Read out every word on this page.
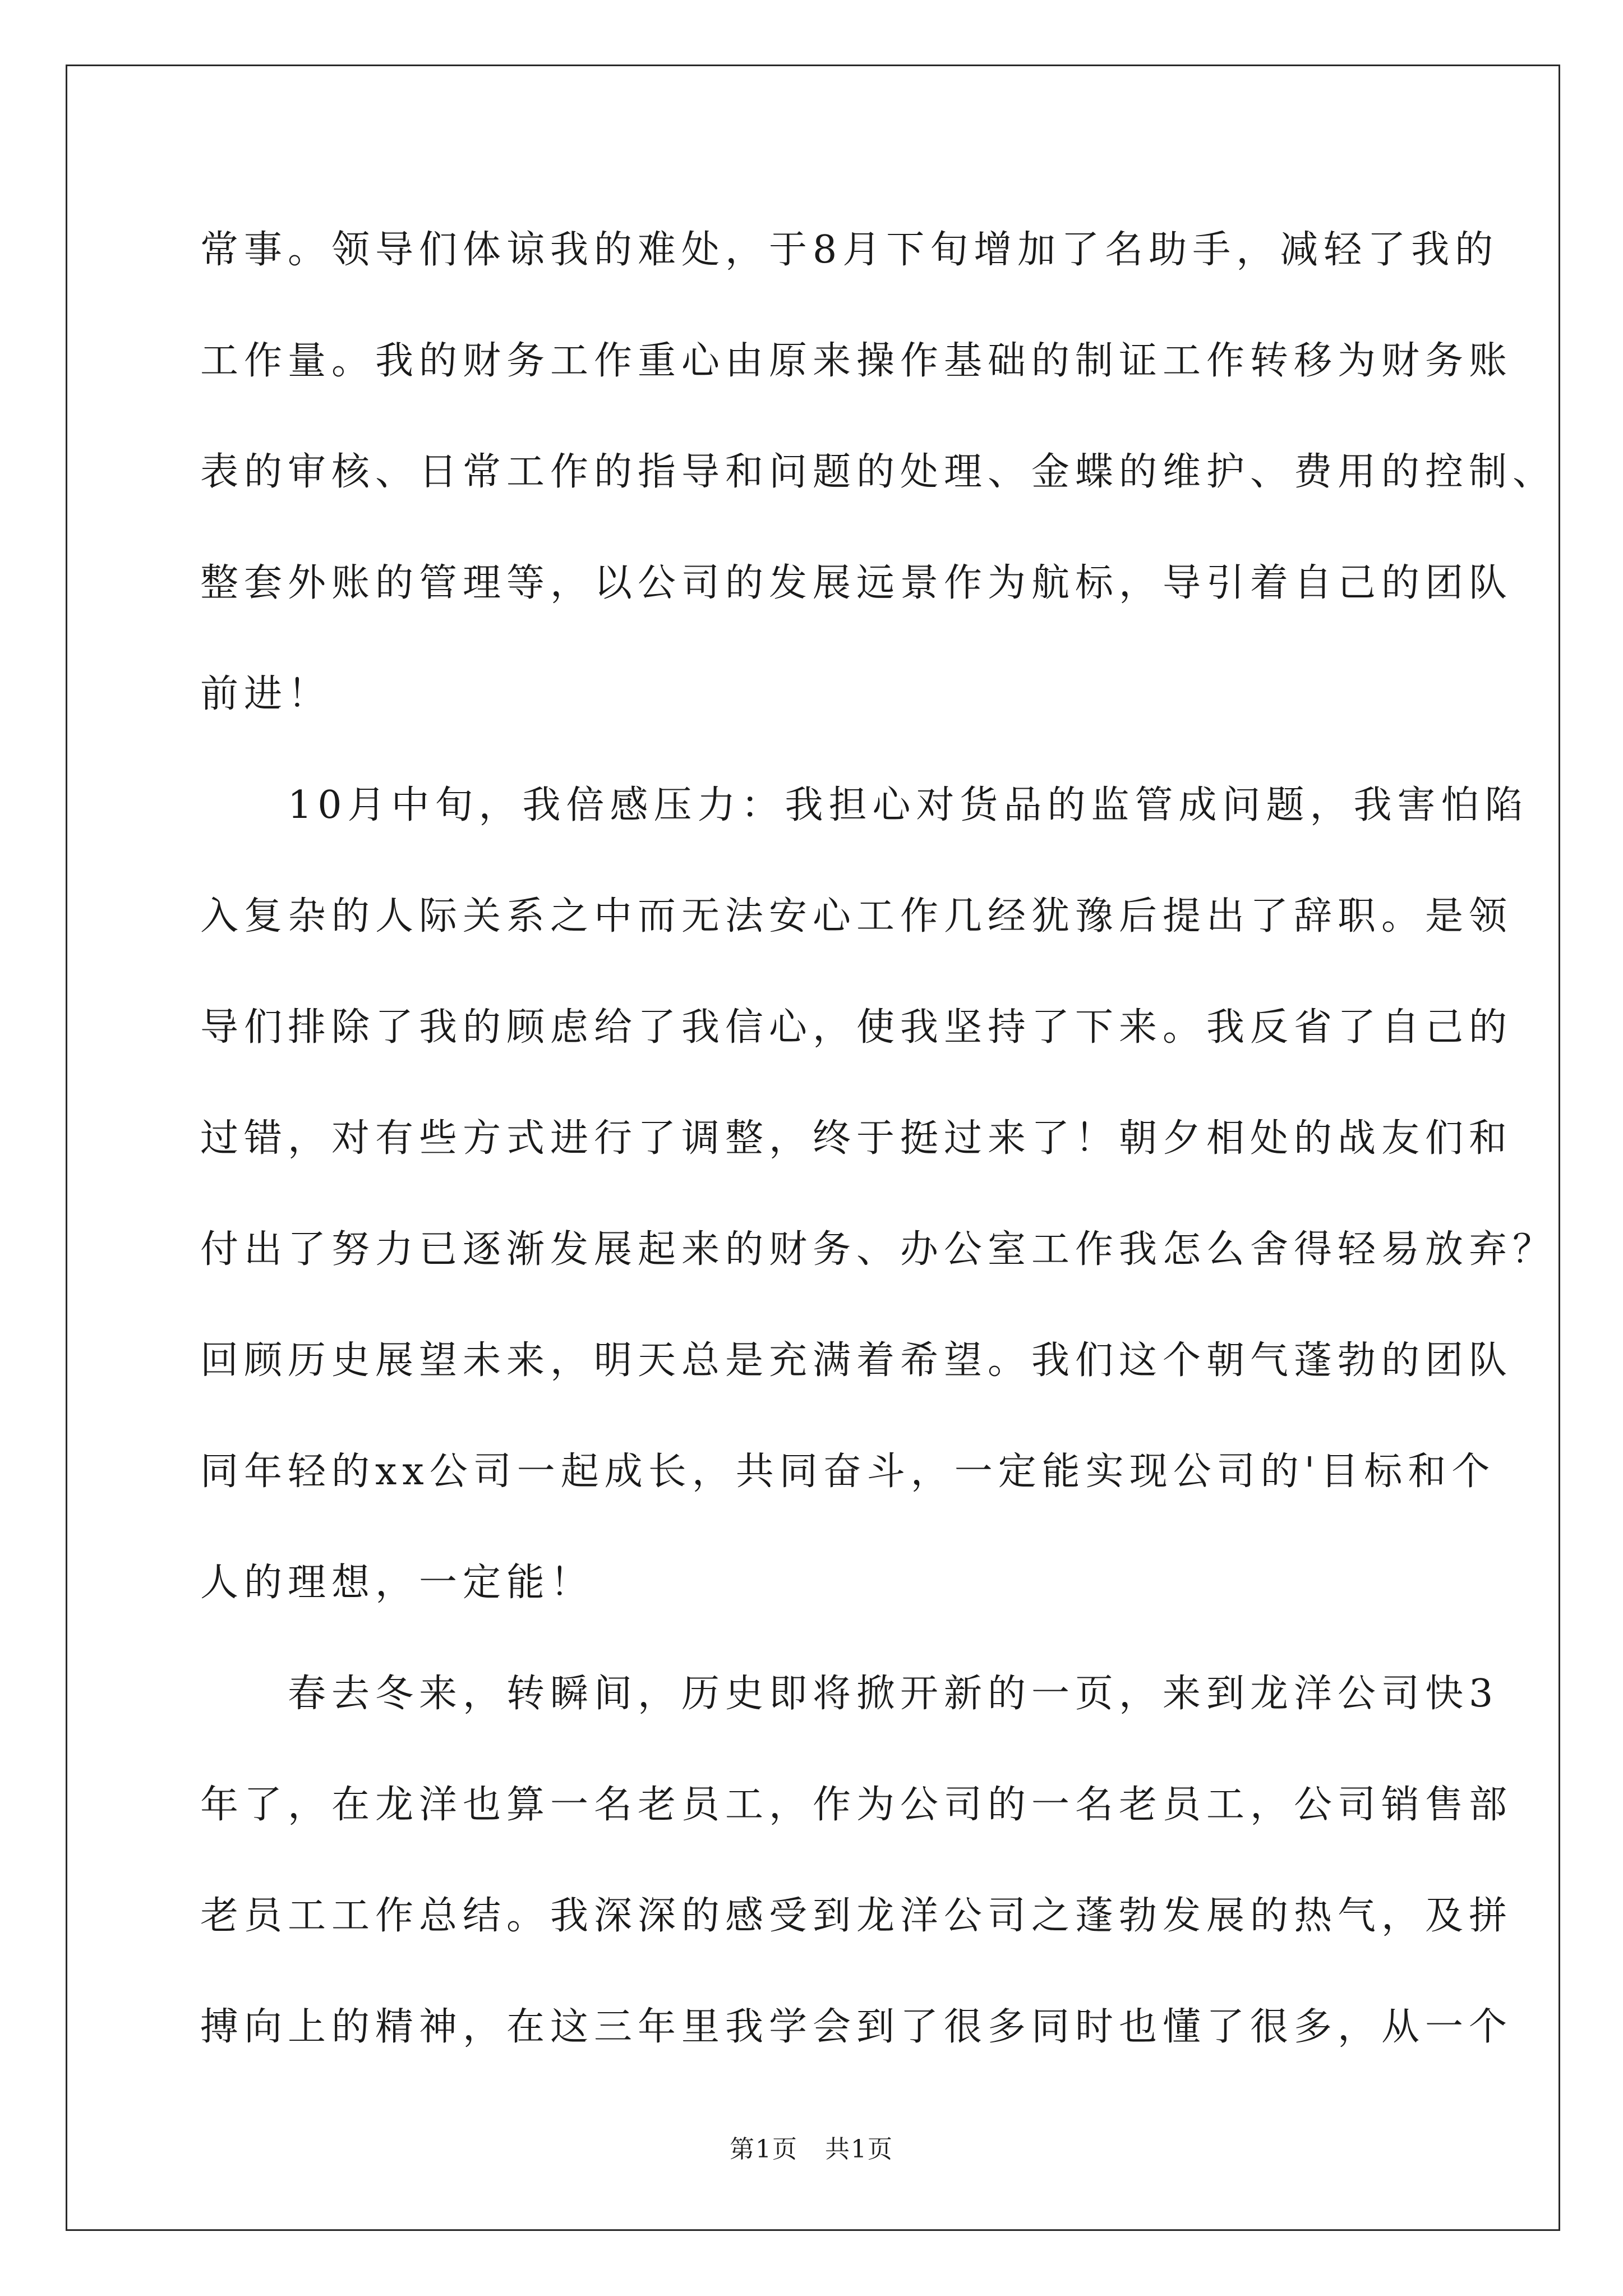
常事。领导们体谅我的难处，于8月下旬增加了名助手，减轻了我的
工作量。我的财务工作重心由原来操作基础的制证工作转移为财务账
表的审核、日常工作的指导和问题的处理、金蝶的维护、费用的控制、
整套外账的管理等，以公司的发展远景作为航标，导引着自己的团队
前进！
　　10月中旬，我倍感压力：我担心对货品的监管成问题，我害怕陷
入复杂的人际关系之中而无法安心工作几经犹豫后提出了辞职。是领
导们排除了我的顾虑给了我信心，使我坚持了下来。我反省了自己的
过错，对有些方式进行了调整，终于挺过来了！朝夕相处的战友们和
付出了努力已逐渐发展起来的财务、办公室工作我怎么舍得轻易放弃？
回顾历史展望未来，明天总是充满着希望。我们这个朝气蓬勃的团队
同年轻的xx公司一起成长，共同奋斗，一定能实现公司的'目标和个
人的理想，一定能！
　　春去冬来，转瞬间，历史即将掀开新的一页，来到龙洋公司快3
年了，在龙洋也算一名老员工，作为公司的一名老员工，公司销售部
老员工工作总结。我深深的感受到龙洋公司之蓬勃发展的热气，及拼
搏向上的精神，在这三年里我学会到了很多同时也懂了很多，从一个
第1页 共1页
